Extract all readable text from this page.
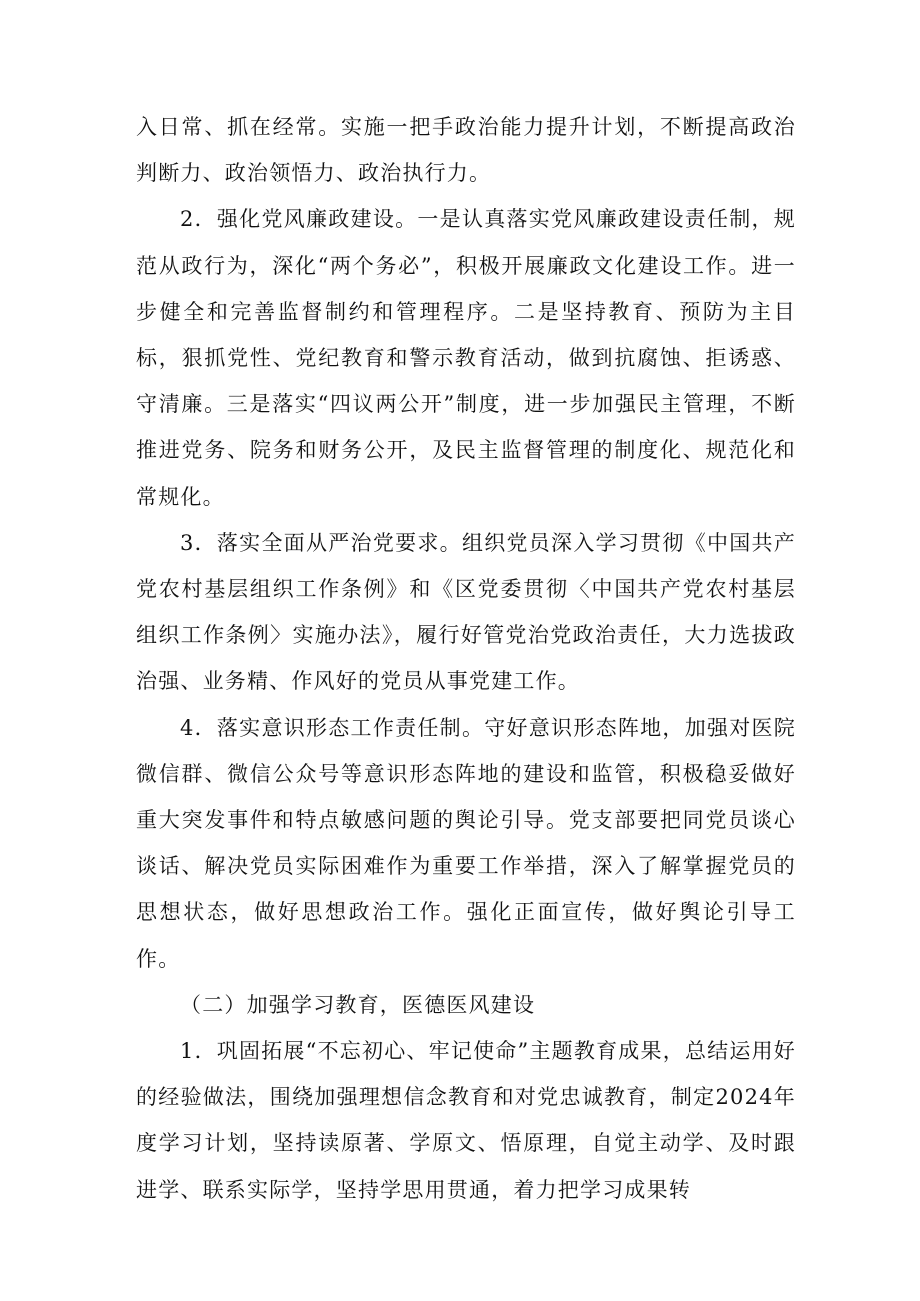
入日常、抓在经常。实施一把手政治能力提升计划，不断提高政治判断力、政治领悟力、政治执行力。

2．强化党风廉政建设。一是认真落实党风廉政建设责任制，规范从政行为，深化“两个务必”，积极开展廉政文化建设工作。进一步健全和完善监督制约和管理程序。二是坚持教育、预防为主目标，狠抓党性、党纪教育和警示教育活动，做到抗腐蚀、拒诱惑、守清廉。三是落实“四议两公开”制度，进一步加强民主管理，不断推进党务、院务和财务公开，及民主监督管理的制度化、规范化和常规化。

3．落实全面从严治党要求。组织党员深入学习贯彻《中国共产党农村基层组织工作条例》和《区党委贯彻〈中国共产党农村基层组织工作条例〉实施办法》，履行好管党治党政治责任，大力选拔政治强、业务精、作风好的党员从事党建工作。

4．落实意识形态工作责任制。守好意识形态阵地，加强对医院微信群、微信公众号等意识形态阵地的建设和监管，积极稳妥做好重大突发事件和特点敏感问题的舆论引导。党支部要把同党员谈心谈话、解决党员实际困难作为重要工作举措，深入了解掌握党员的思想状态，做好思想政治工作。强化正面宣传，做好舆论引导工作。

（二）加强学习教育，医德医风建设

1．巩固拓展“不忘初心、牢记使命”主题教育成果，总结运用好的经验做法，围绕加强理想信念教育和对党忠诚教育，制定2024年度学习计划，坚持读原著、学原文、悟原理，自觉主动学、及时跟进学、联系实际学，坚持学思用贯通，着力把学习成果转
